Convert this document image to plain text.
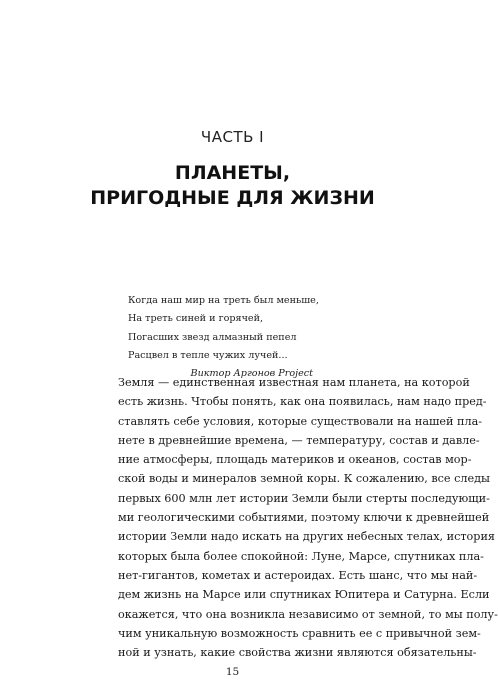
ЧАСТЬ I
ПЛАНЕТЫ,
ПРИГОДНЫЕ ДЛЯ ЖИЗНИ
Когда наш мир на треть был меньше,
На треть синей и горячей,
Погасших звезд алмазный пепел
Расцвел в тепле чужих лучей...
Виктор Аргонов Project
Земля — единственная известная нам планета, на которой
есть жизнь. Чтобы понять, как она появилась, нам надо пред-
ставлять себе условия, которые существовали на нашей пла-
нете в древнейшие времена, — температуру, состав и давле-
ние атмосферы, площадь материков и океанов, состав мор-
ской воды и минералов земной коры. К сожалению, все следы
первых 600 млн лет истории Земли были стерты последующи-
ми геологическими событиями, поэтому ключи к древнейшей
истории Земли надо искать на других небесных телах, история
которых была более спокойной: Луне, Марсе, спутниках пла-
нет-гигантов, кометах и астероидах. Есть шанс, что мы най-
дем жизнь на Марсе или спутниках Юпитера и Сатурна. Если
окажется, что она возникла независимо от земной, то мы полу-
чим уникальную возможность сравнить ее с привычной зем-
ной и узнать, какие свойства жизни являются обязательны-
15
